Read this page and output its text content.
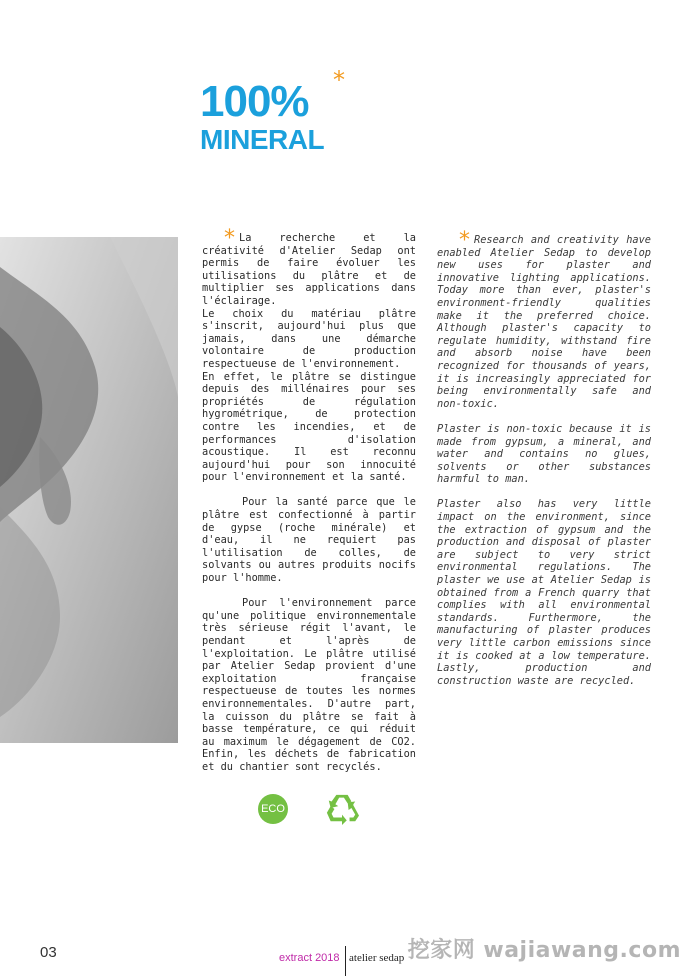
100%
MINERAL
*

* La recherche et la créativité d'Atelier Sedap ont permis de faire évoluer les utilisations du plâtre et de multiplier ses applications dans l'éclairage.

Le choix du matériau plâtre s'inscrit, aujourd'hui plus que jamais, dans une démarche volontaire de production respectueuse de l'environnement.

En effet, le plâtre se distingue depuis des millénaires pour ses propriétés de régulation hygrométrique, de protection contre les incendies, et de performances d'isolation acoustique. Il est reconnu aujourd'hui pour son innocuité pour l'environnement et la santé.

Pour la santé parce que le plâtre est confectionné à partir de gypse (roche minérale) et d'eau, il ne requiert pas l'utilisation de colles, de solvants ou autres produits nocifs pour l'homme.

Pour l'environnement parce qu'une politique environnementale très sérieuse régit l'avant, le pendant et l'après de l'exploitation. Le plâtre utilisé par Atelier Sedap provient d'une exploitation française respectueuse de toutes les normes environnementales. D'autre part, la cuisson du plâtre se fait à basse température, ce qui réduit au maximum le dégagement de CO2. Enfin, les déchets de fabrication et du chantier sont recyclés.

* Research and creativity have enabled Atelier Sedap to develop new uses for plaster and innovative lighting applications. Today more than ever, plaster's environment-friendly qualities make it the preferred choice. Although plaster's capacity to regulate humidity, withstand fire and absorb noise have been recognized for thousands of years, it is increasingly appreciated for being environmentally safe and non-toxic.

Plaster is non-toxic because it is made from gypsum, a mineral, and water and contains no glues, solvents or other substances harmful to man.

Plaster also has very little impact on the environment, since the extraction of gypsum and the production and disposal of plaster are subject to very strict environmental regulations. The plaster we use at Atelier Sedap is obtained from a French quarry that complies with all environmental standards. Furthermore, the manufacturing of plaster produces very little carbon emissions since it is cooked at a low temperature. Lastly, production and construction waste are recycled.

ECO
03	extract 2018 atelier sedap 挖家网 wajiawang.com
